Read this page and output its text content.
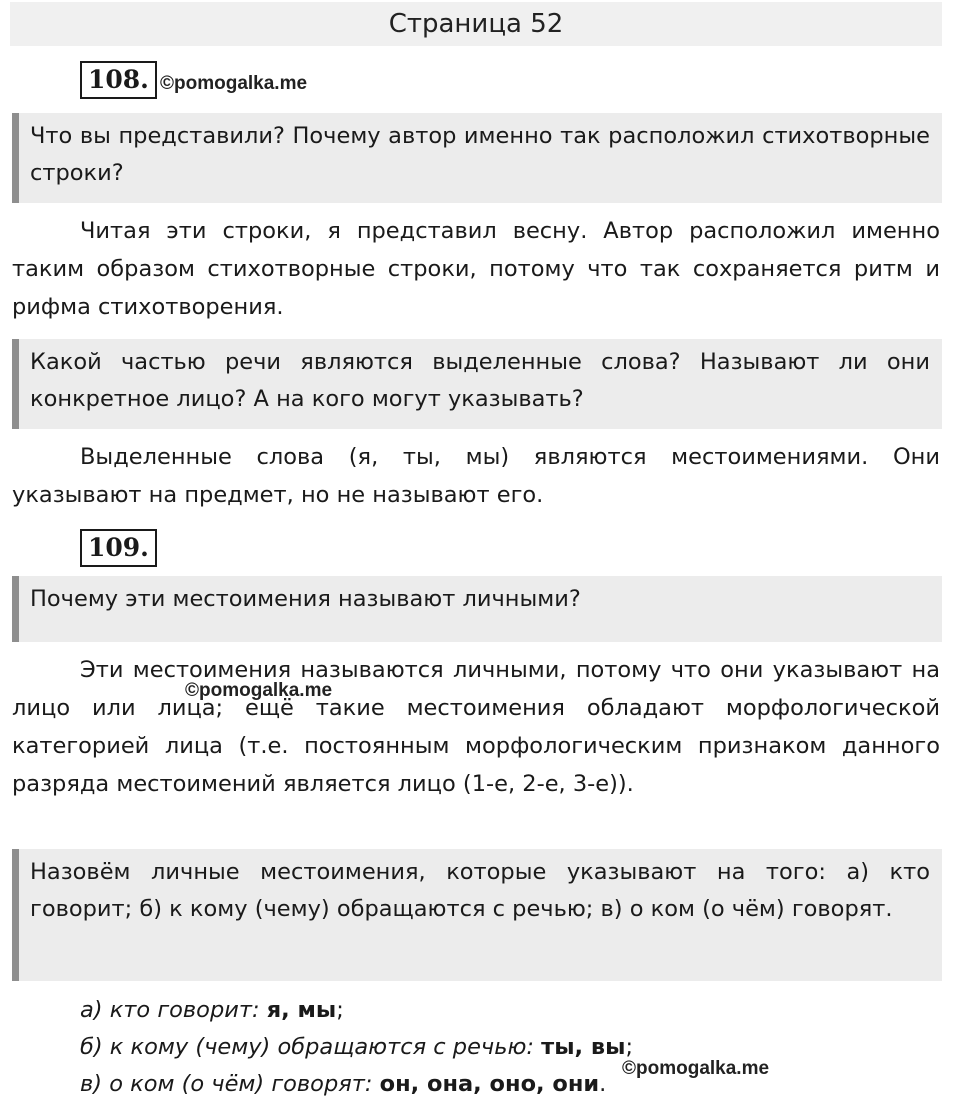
Страница 52
108. ©pomogalka.me
Что вы представили? Почему автор именно так расположил стихотворные строки?
Читая эти строки, я представил весну. Автор расположил именно таким образом стихотворные строки, потому что так сохраняется ритм и рифма стихотворения.
Какой частью речи являются выделенные слова? Называют ли они конкретное лицо? А на кого могут указывать?
Выделенные слова (я, ты, мы) являются местоимениями. Они указывают на предмет, но не называют его.
109.
Почему эти местоимения называют личными?
Эти местоимения называются личными, потому что они указывают на лицо или лица; ещё такие местоимения обладают морфологической категорией лица (т.е. постоянным морфологическим признаком данного разряда местоимений является лицо (1-е, 2-е, 3-е)).
©pomogalka.me
Назовём личные местоимения, которые указывают на того: а) кто говорит; б) к кому (чему) обращаются с речью; в) о ком (о чём) говорят.
а) кто говорит: я, мы;
б) к кому (чему) обращаются с речью: ты, вы;
в) о ком (о чём) говорят: он, она, оно, они.
©pomogalka.me
